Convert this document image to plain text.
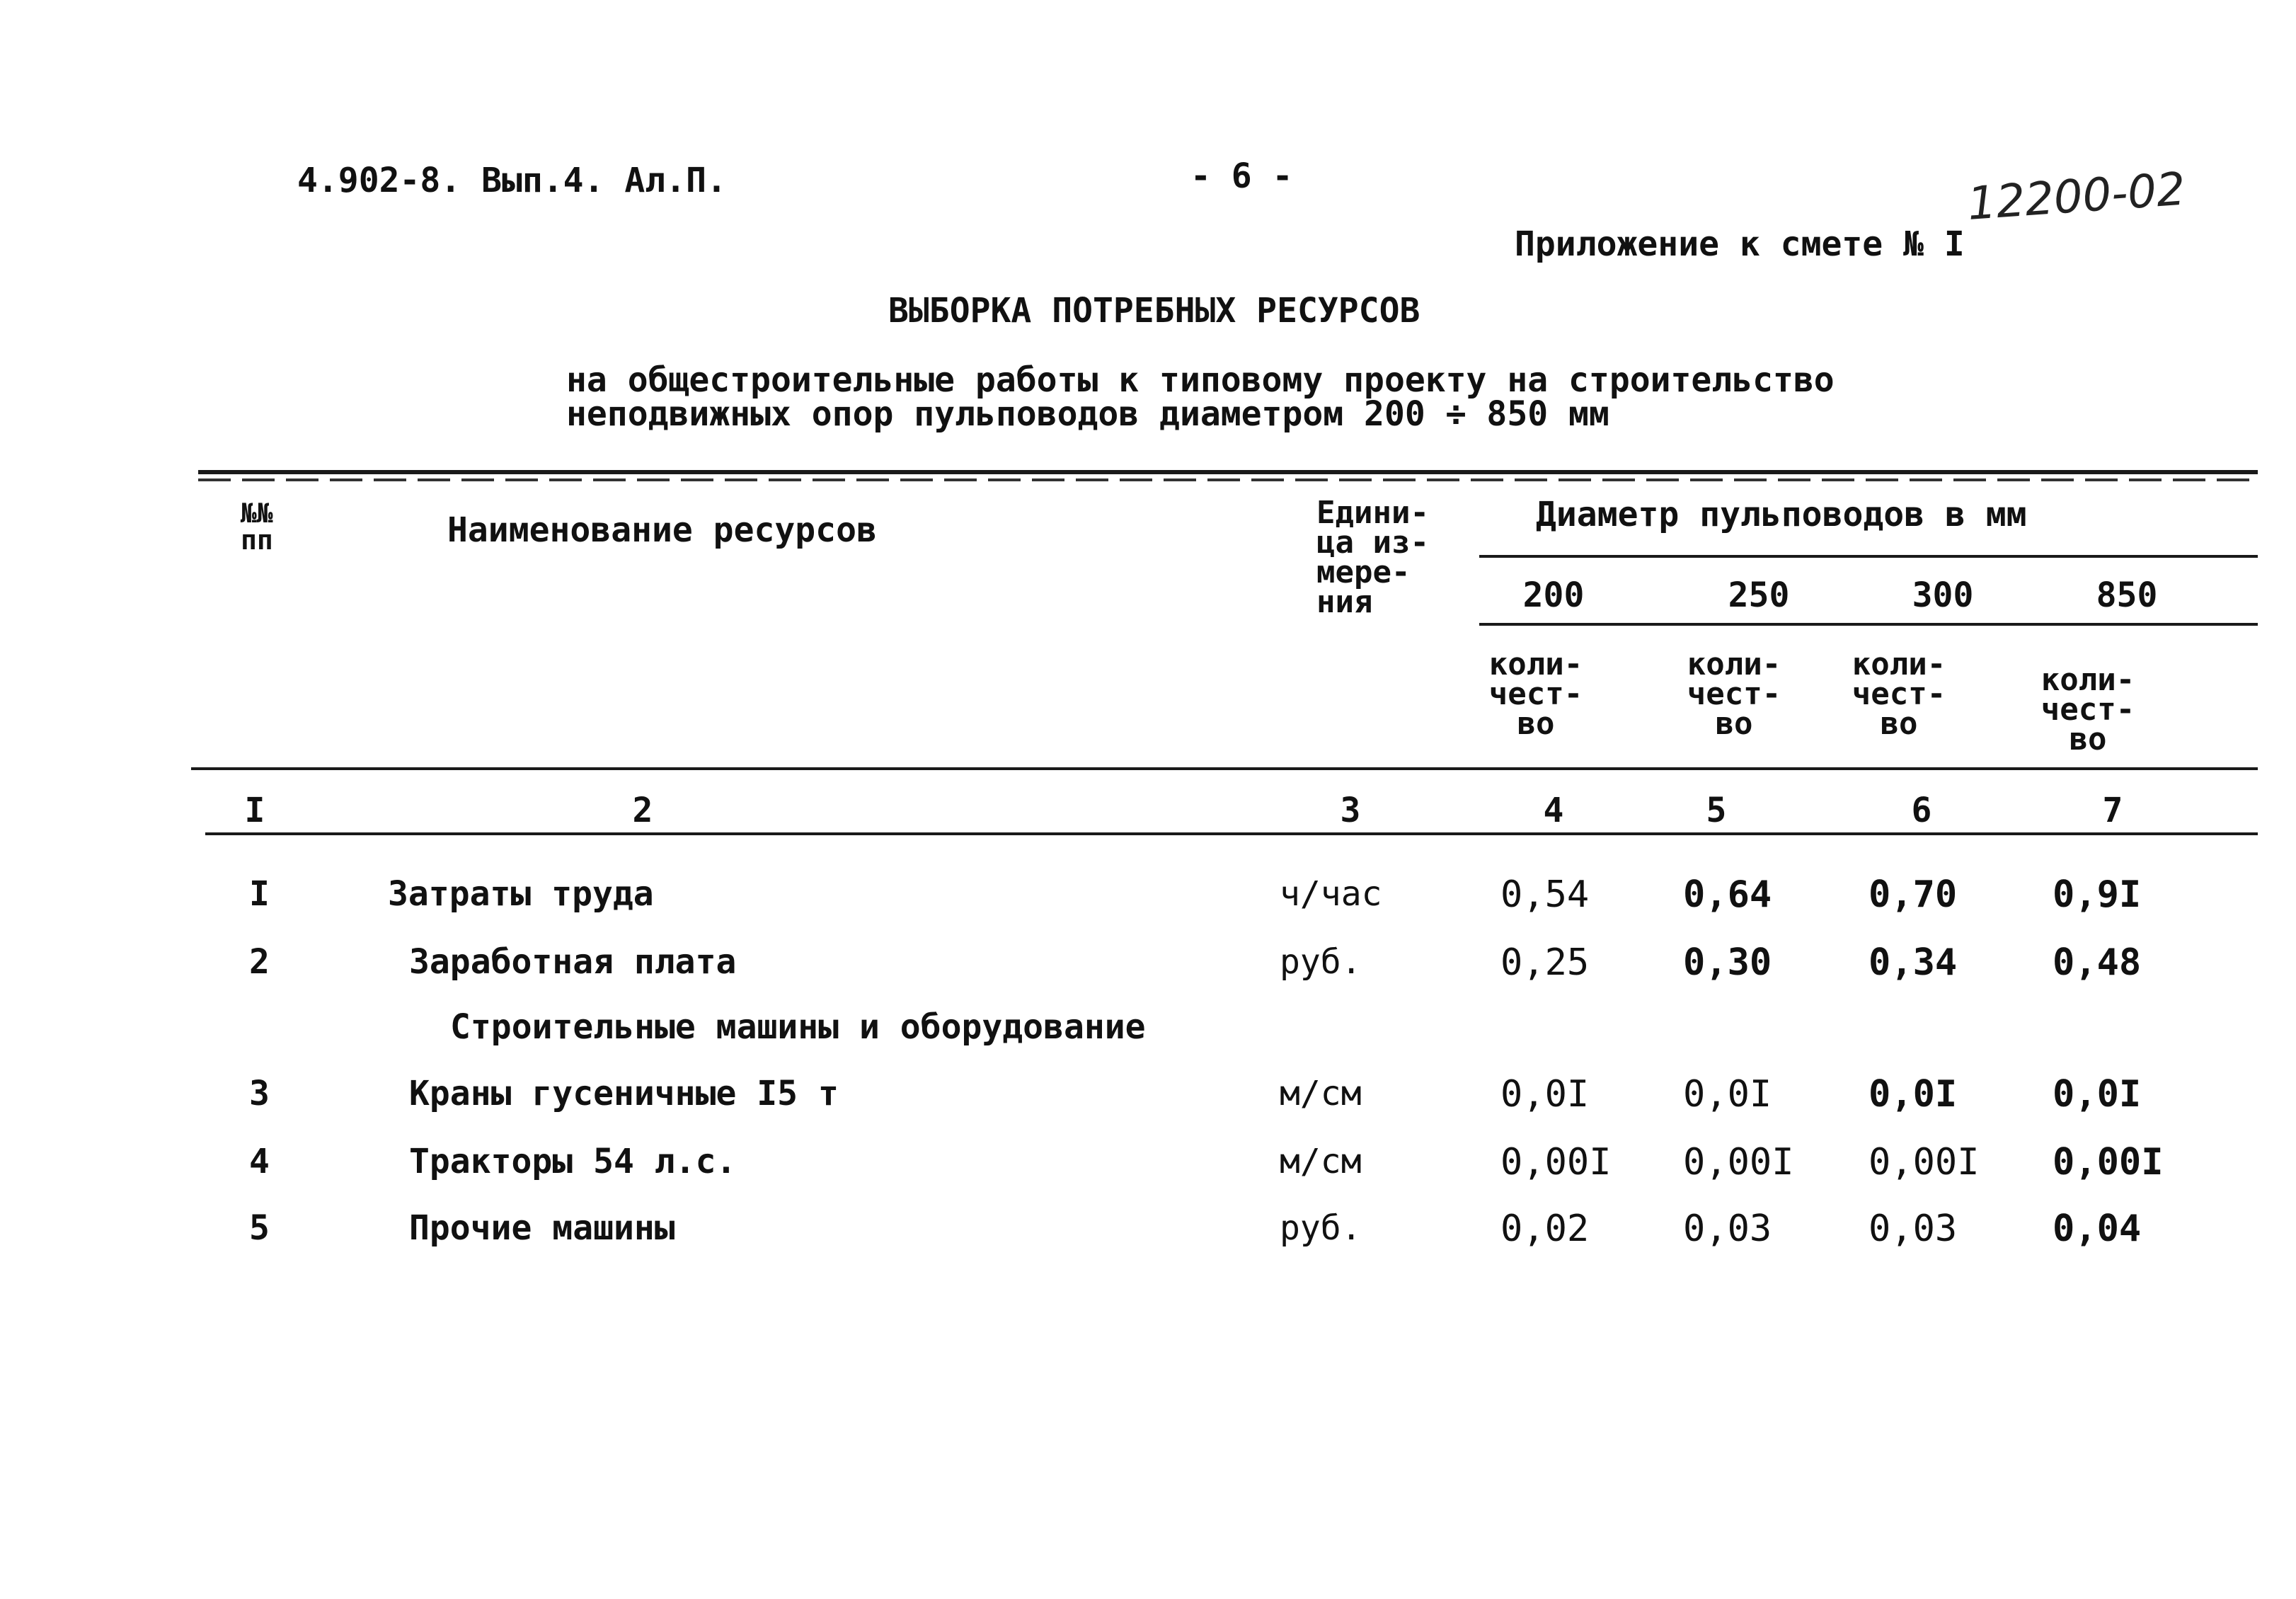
4.902-8. Вып.4. Ал.П.	- 6 -	12200-02
Приложение к смете № I
ВЫБОРКА ПОТРЕБНЫХ РЕСУРСОВ
на общестроительные работы к типовому проекту на строительство
неподвижных опор пульповодов диаметром 200 ÷ 850 мм
№№ пп	Наименование ресурсов	Едини- ца из- мере- ния
Диаметр пульповодов в мм
200	250	300	850
коли- чест- во
коли- чест- во
коли- чест- во
коли- чест- во
I	2	3	4	5	6	7
I	Затраты труда	ч/час	0,54	0,64	0,70	0,9I
2	Заработная плата	руб.	0,25	0,30	0,34	0,48
Строительные машины и оборудование
3	Краны гусеничные I5 т	м/см	0,0I	0,0I	0,0I	0,0I
4	Тракторы 54 л.с.	м/см	0,00I 0,00I 0,00I 0,00I
5	Прочие машины	руб.	0,02	0,03	0,03	0,04
